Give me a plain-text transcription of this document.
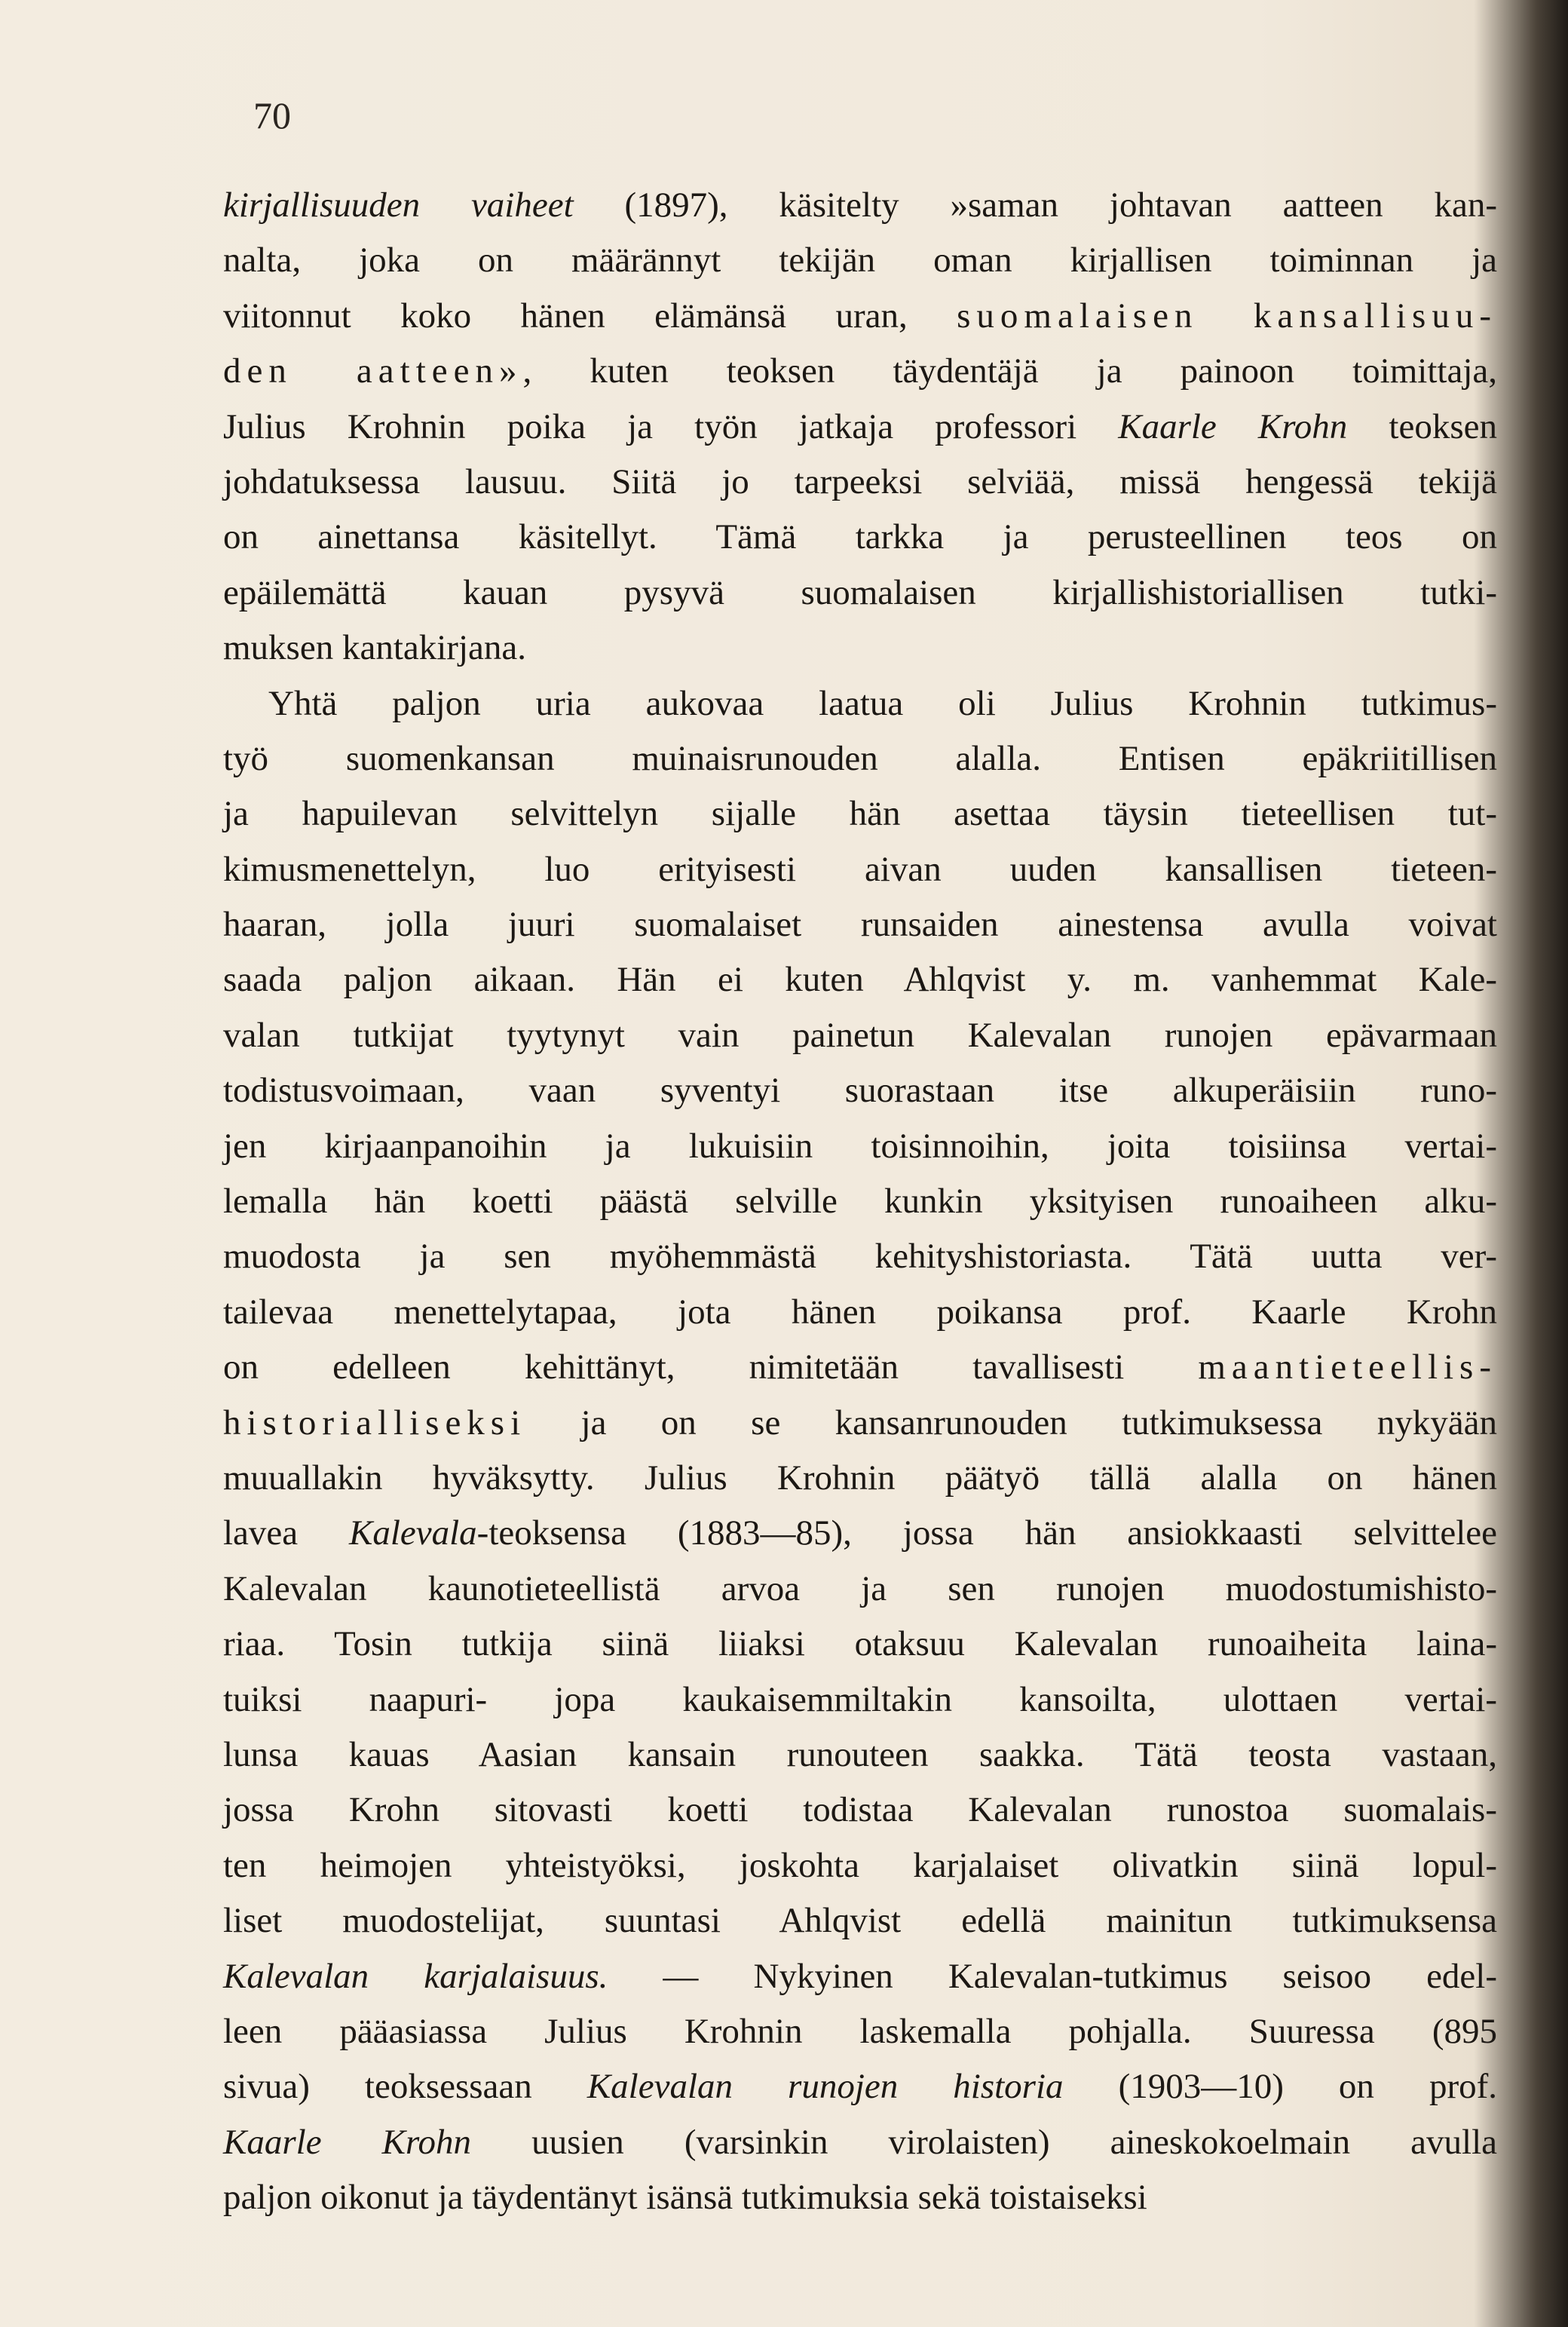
70
kirjallisuuden vaiheet (1897), käsitelty »saman johtavan aatteen kan-
nalta, joka on määrännyt tekijän oman kirjallisen toiminnan ja
viitonnut koko hänen elämänsä uran, suomalaisen kansallisuu-
den aatteen», kuten teoksen täydentäjä ja painoon toimittaja,
Julius Krohnin poika ja työn jatkaja professori Kaarle Krohn teoksen
johdatuksessa lausuu. Siitä jo tarpeeksi selviää, missä hengessä tekijä
on ainettansa käsitellyt. Tämä tarkka ja perusteellinen teos on
epäilemättä kauan pysyvä suomalaisen kirjallishistoriallisen tutki-
muksen kantakirjana.
Yhtä paljon uria aukovaa laatua oli Julius Krohnin tutkimus-
työ suomenkansan muinaisrunouden alalla. Entisen epäkriitillisen
ja hapuilevan selvittelyn sijalle hän asettaa täysin tieteellisen tut-
kimusmenettelyn, luo erityisesti aivan uuden kansallisen tieteen-
haaran, jolla juuri suomalaiset runsaiden ainestensa avulla voivat
saada paljon aikaan. Hän ei kuten Ahlqvist y. m. vanhemmat Kale-
valan tutkijat tyytynyt vain painetun Kalevalan runojen epävarmaan
todistusvoimaan, vaan syventyi suorastaan itse alkuperäisiin runo-
jen kirjaanpanoihin ja lukuisiin toisinnoihin, joita toisiinsa vertai-
lemalla hän koetti päästä selville kunkin yksityisen runoaiheen alku-
muodosta ja sen myöhemmästä kehityshistoriasta. Tätä uutta ver-
tailevaa menettelytapaa, jota hänen poikansa prof. Kaarle Krohn
on edelleen kehittänyt, nimitetään tavallisesti maantieteellis-
historialliseksi ja on se kansanrunouden tutkimuksessa nykyään
muuallakin hyväksytty. Julius Krohnin päätyö tällä alalla on hänen
lavea Kalevala-teoksensa (1883—85), jossa hän ansiokkaasti selvittelee
Kalevalan kaunotieteellistä arvoa ja sen runojen muodostumishisto-
riaa. Tosin tutkija siinä liiaksi otaksuu Kalevalan runoaiheita laina-
tuiksi naapuri- jopa kaukaisemmiltakin kansoilta, ulottaen vertai-
lunsa kauas Aasian kansain runouteen saakka. Tätä teosta vastaan,
jossa Krohn sitovasti koetti todistaa Kalevalan runostoa suomalais-
ten heimojen yhteistyöksi, joskohta karjalaiset olivatkin siinä lopul-
liset muodostelijat, suuntasi Ahlqvist edellä mainitun tutkimuksensa
Kalevalan karjalaisuus. — Nykyinen Kalevalan-tutkimus seisoo edel-
leen pääasiassa Julius Krohnin laskemalla pohjalla. Suuressa (895
sivua) teoksessaan Kalevalan runojen historia (1903—10) on prof.
Kaarle Krohn uusien (varsinkin virolaisten) aineskokoelmain avulla
paljon oikonut ja täydentänyt isänsä tutkimuksia sekä toistaiseksi
